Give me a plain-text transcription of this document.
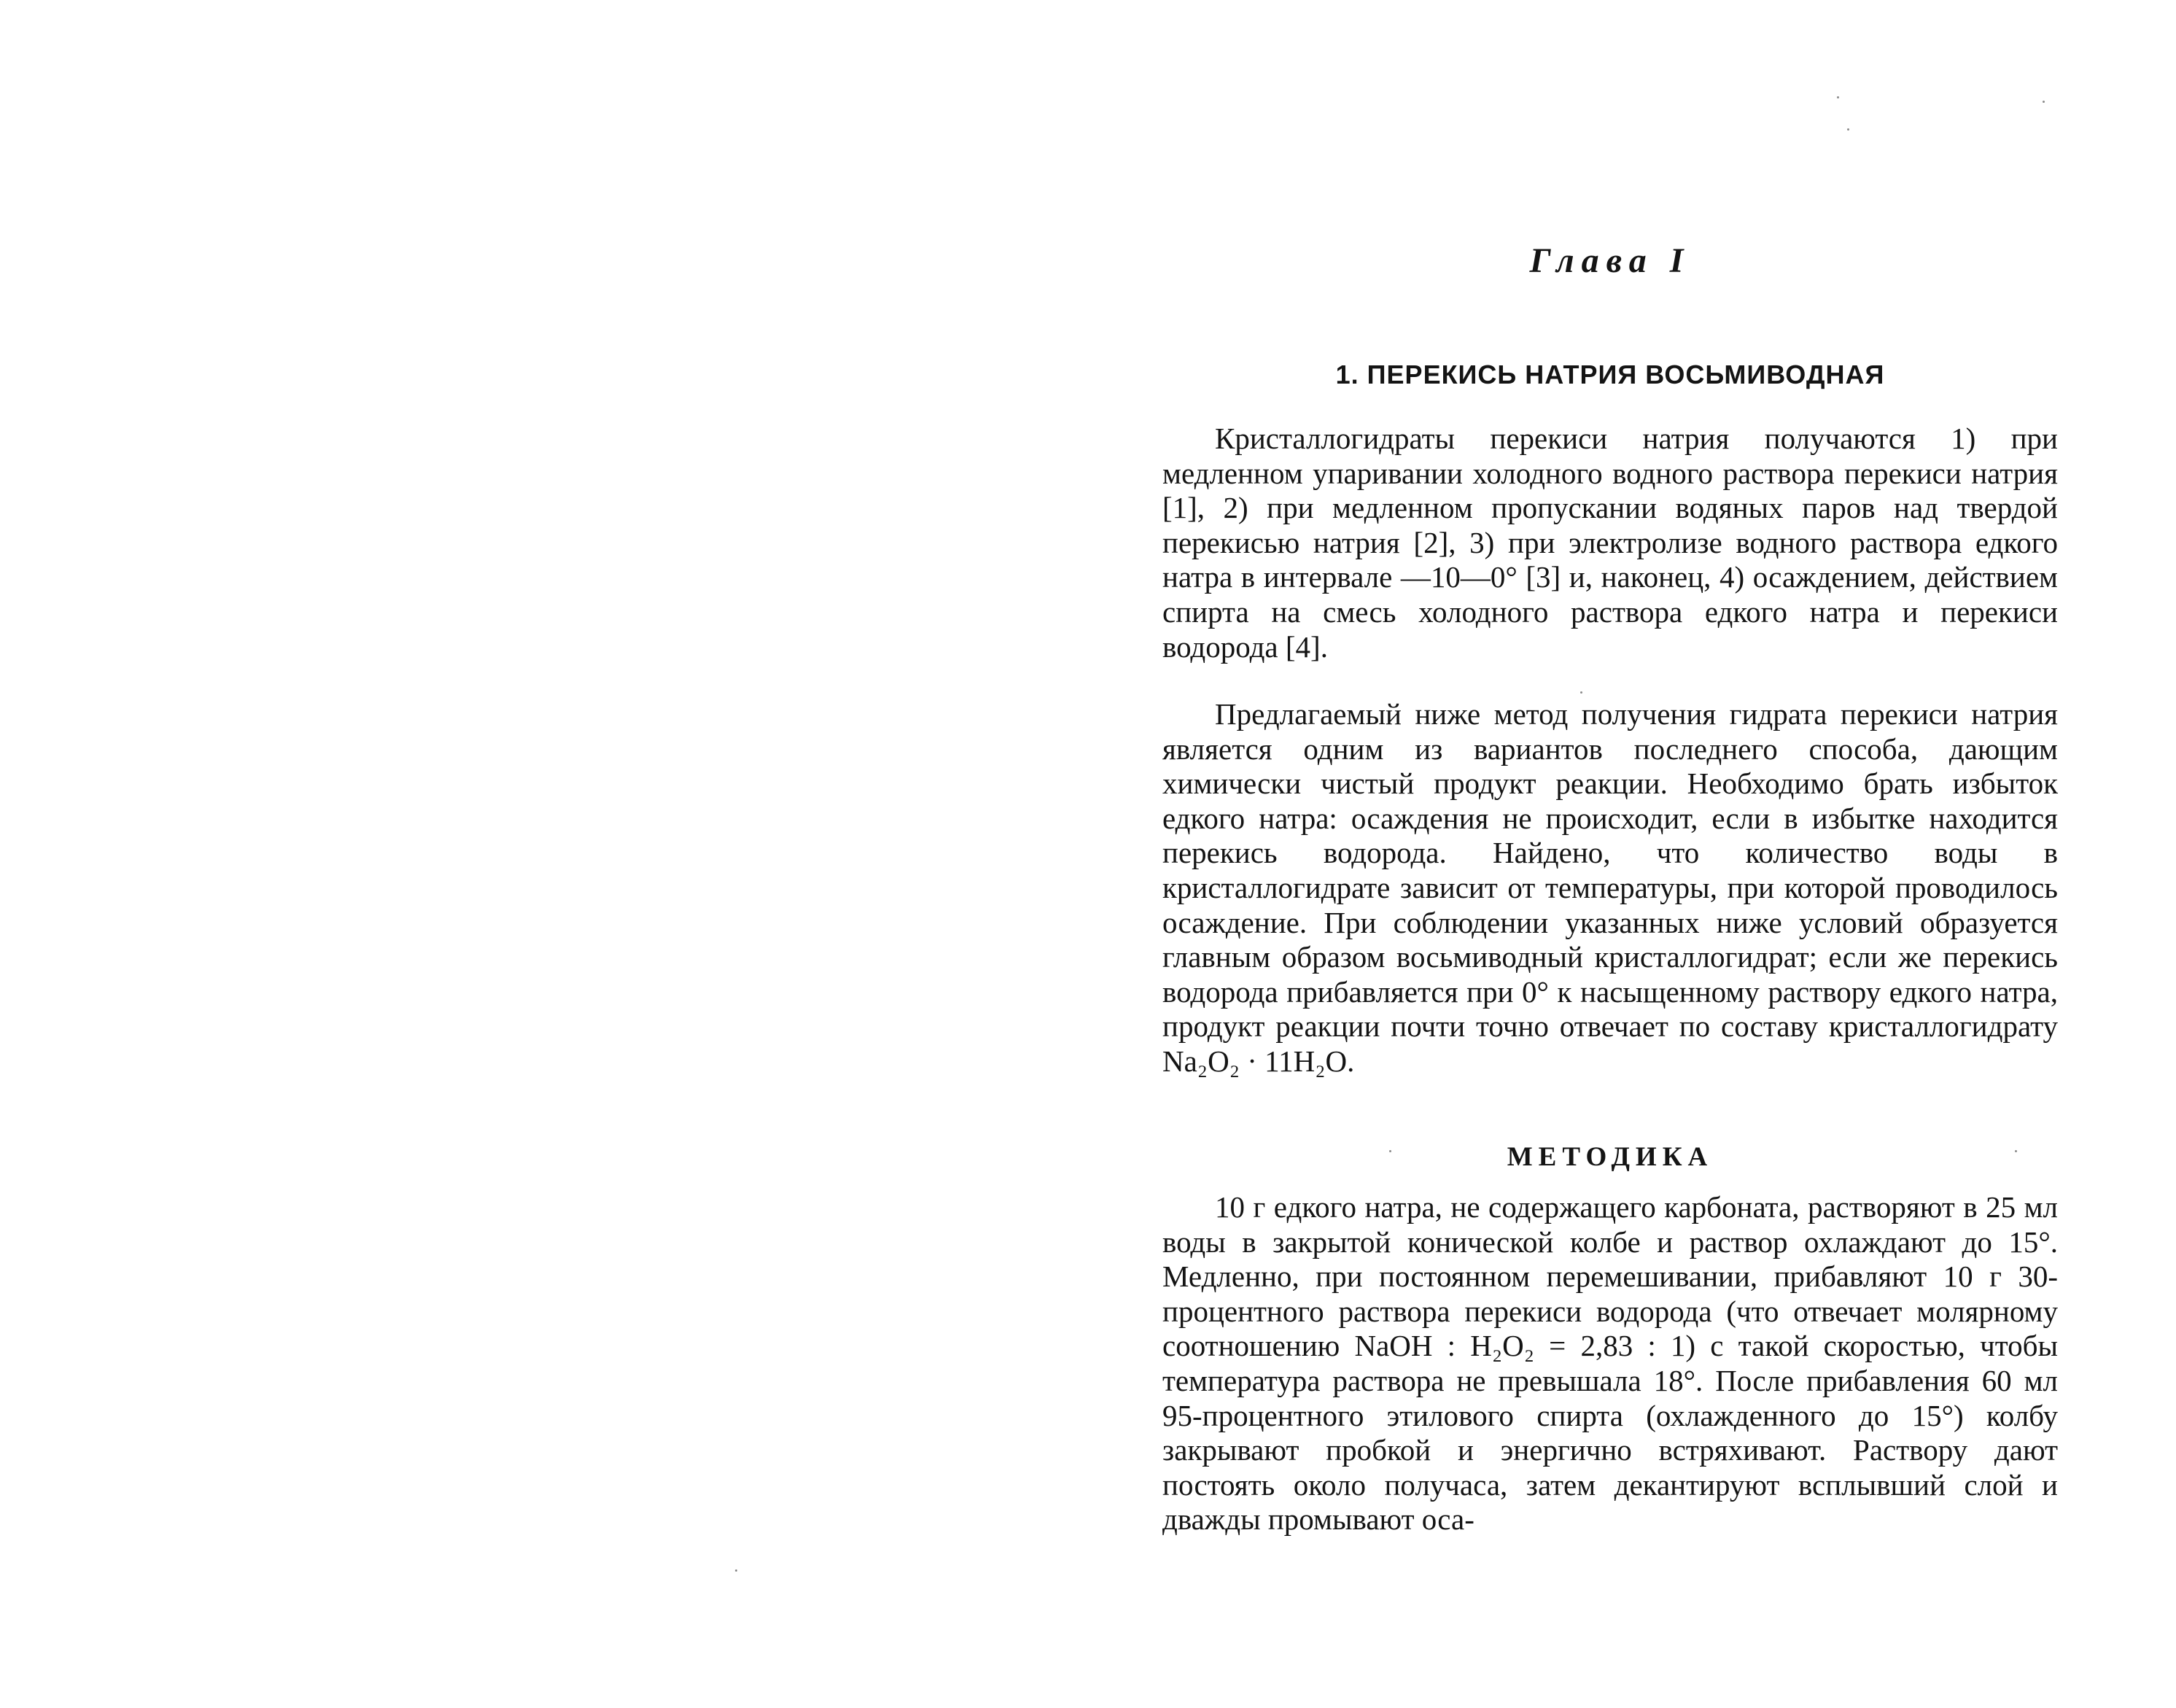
Глава I
1. ПЕРЕКИСЬ НАТРИЯ ВОСЬМИВОДНАЯ

Кристаллогидраты перекиси натрия получаются 1) при медленном упаривании холодного водного раствора перекиси натрия [1], 2) при медленном пропускании водяных паров над твердой перекисью натрия [2], 3) при электролизе водного раствора едкого натра в интервале —10—0° [3] и, наконец, 4) осаждением, действием спирта на смесь холодного раствора едкого натра и перекиси водорода [4].

Предлагаемый ниже метод получения гидрата перекиси натрия является одним из вариантов последнего способа, дающим химически чистый продукт реакции. Необходимо брать избыток едкого натра: осаждения не происходит, если в избытке находится перекись водорода. Найдено, что количество воды в кристаллогидрате зависит от температуры, при которой проводилось осаждение. При соблюдении указанных ниже условий образуется главным образом восьмиводный кристаллогидрат; если же перекись водорода прибавляется при 0° к насыщенному раствору едкого натра, продукт реакции почти точно отвечает по составу кристаллогидрату Na₂O₂ · 11H₂O.

МЕТОДИКА

10 г едкого натра, не содержащего карбоната, растворяют в 25 мл воды в закрытой конической колбе и раствор охлаждают до 15°. Медленно, при постоянном перемешивании, прибавляют 10 г 30-процентного раствора перекиси водорода (что отвечает молярному соотношению NaOH : H₂O₂ = 2,83 : 1) с такой скоростью, чтобы температура раствора не превышала 18°. После прибавления 60 мл 95-процентного этилового спирта (охлажденного до 15°) колбу закрывают пробкой и энергично встряхивают. Раствору дают постоять около получаса, затем декантируют всплывший слой и дважды промывают оса-
